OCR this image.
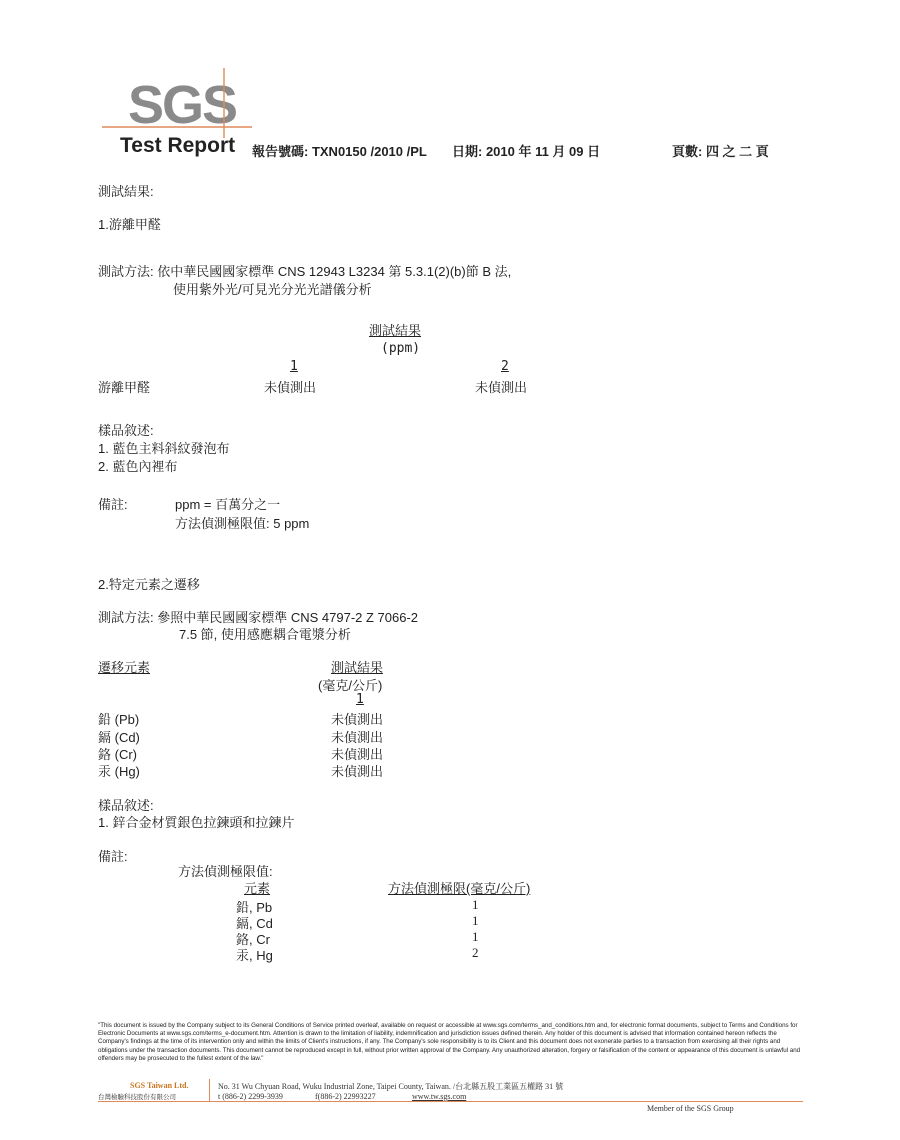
SGS
Test Report 報告號碼: TXN0150 /2010 /PL 日期: 2010 年 11 月 09 日	頁數: 四 之 二 頁
測試結果:
1.游離甲醛
測試方法: 依中華民國國家標準 CNS 12943 L3234 第 5.3.1(2)(b)節 B 法,
使用紫外光/可見光分光光譜儀分析
測試結果
(ppm)
1	2
游離甲醛	未偵測出	未偵測出
樣品敘述:
1. 藍色主料斜紋發泡布
2. 藍色內裡布
備註:	ppm = 百萬分之一
方法偵測極限值: 5 ppm
2.特定元素之遷移
測試方法: 參照中華民國國家標準 CNS 4797-2 Z 7066-2
7.5 節, 使用感應耦合電漿分析
遷移元素	測試結果
(毫克/公斤)
1
鉛 (Pb)	未偵測出
鎘 (Cd)	未偵測出
鉻 (Cr)	未偵測出
汞 (Hg)	未偵測出
樣品敘述:
1. 鋅合金材質銀色拉鍊頭和拉鍊片
備註:
方法偵測極限值:
元素	方法偵測極限(毫克/公斤)
鉛, Pb	1
鎘, Cd	1
鉻, Cr	1
汞, Hg	2
"This document is issued by the Company subject to its General Conditions of Service printed overleaf, available on request or accessible at www.sgs.com/terms_and_conditions.htm and, for electronic format documents, subject to Terms and Conditions for Electronic Documents at www.sgs.com/terms_e-document.htm. Attention is drawn to the limitation of liability, indemnification and jurisdiction issues defined therein. Any holder of this document is advised that information contained hereon reflects the Company's findings at the time of its intervention only and within the limits of Client's instructions, if any. The Company's sole responsibility is to its Client and this document does not exonerate parties to a transaction from exercising all their rights and obligations under the transaction documents. This document cannot be reproduced except in full, without prior written approval of the Company. Any unauthorized alteration, forgery or falsification of the content or appearance of this document is unlawful and offenders may be prosecuted to the fullest extent of the law."
SGS Taiwan Ltd.
台灣檢驗科技股份有限公司
No. 31 Wu Chyuan Road, Wuku Industrial Zone, Taipei County, Taiwan. /台北縣五股工業區五權路 31 號
t (886-2) 2299-3939	f(886-2) 22993227	www.tw.sgs.com
Member of the SGS Group
